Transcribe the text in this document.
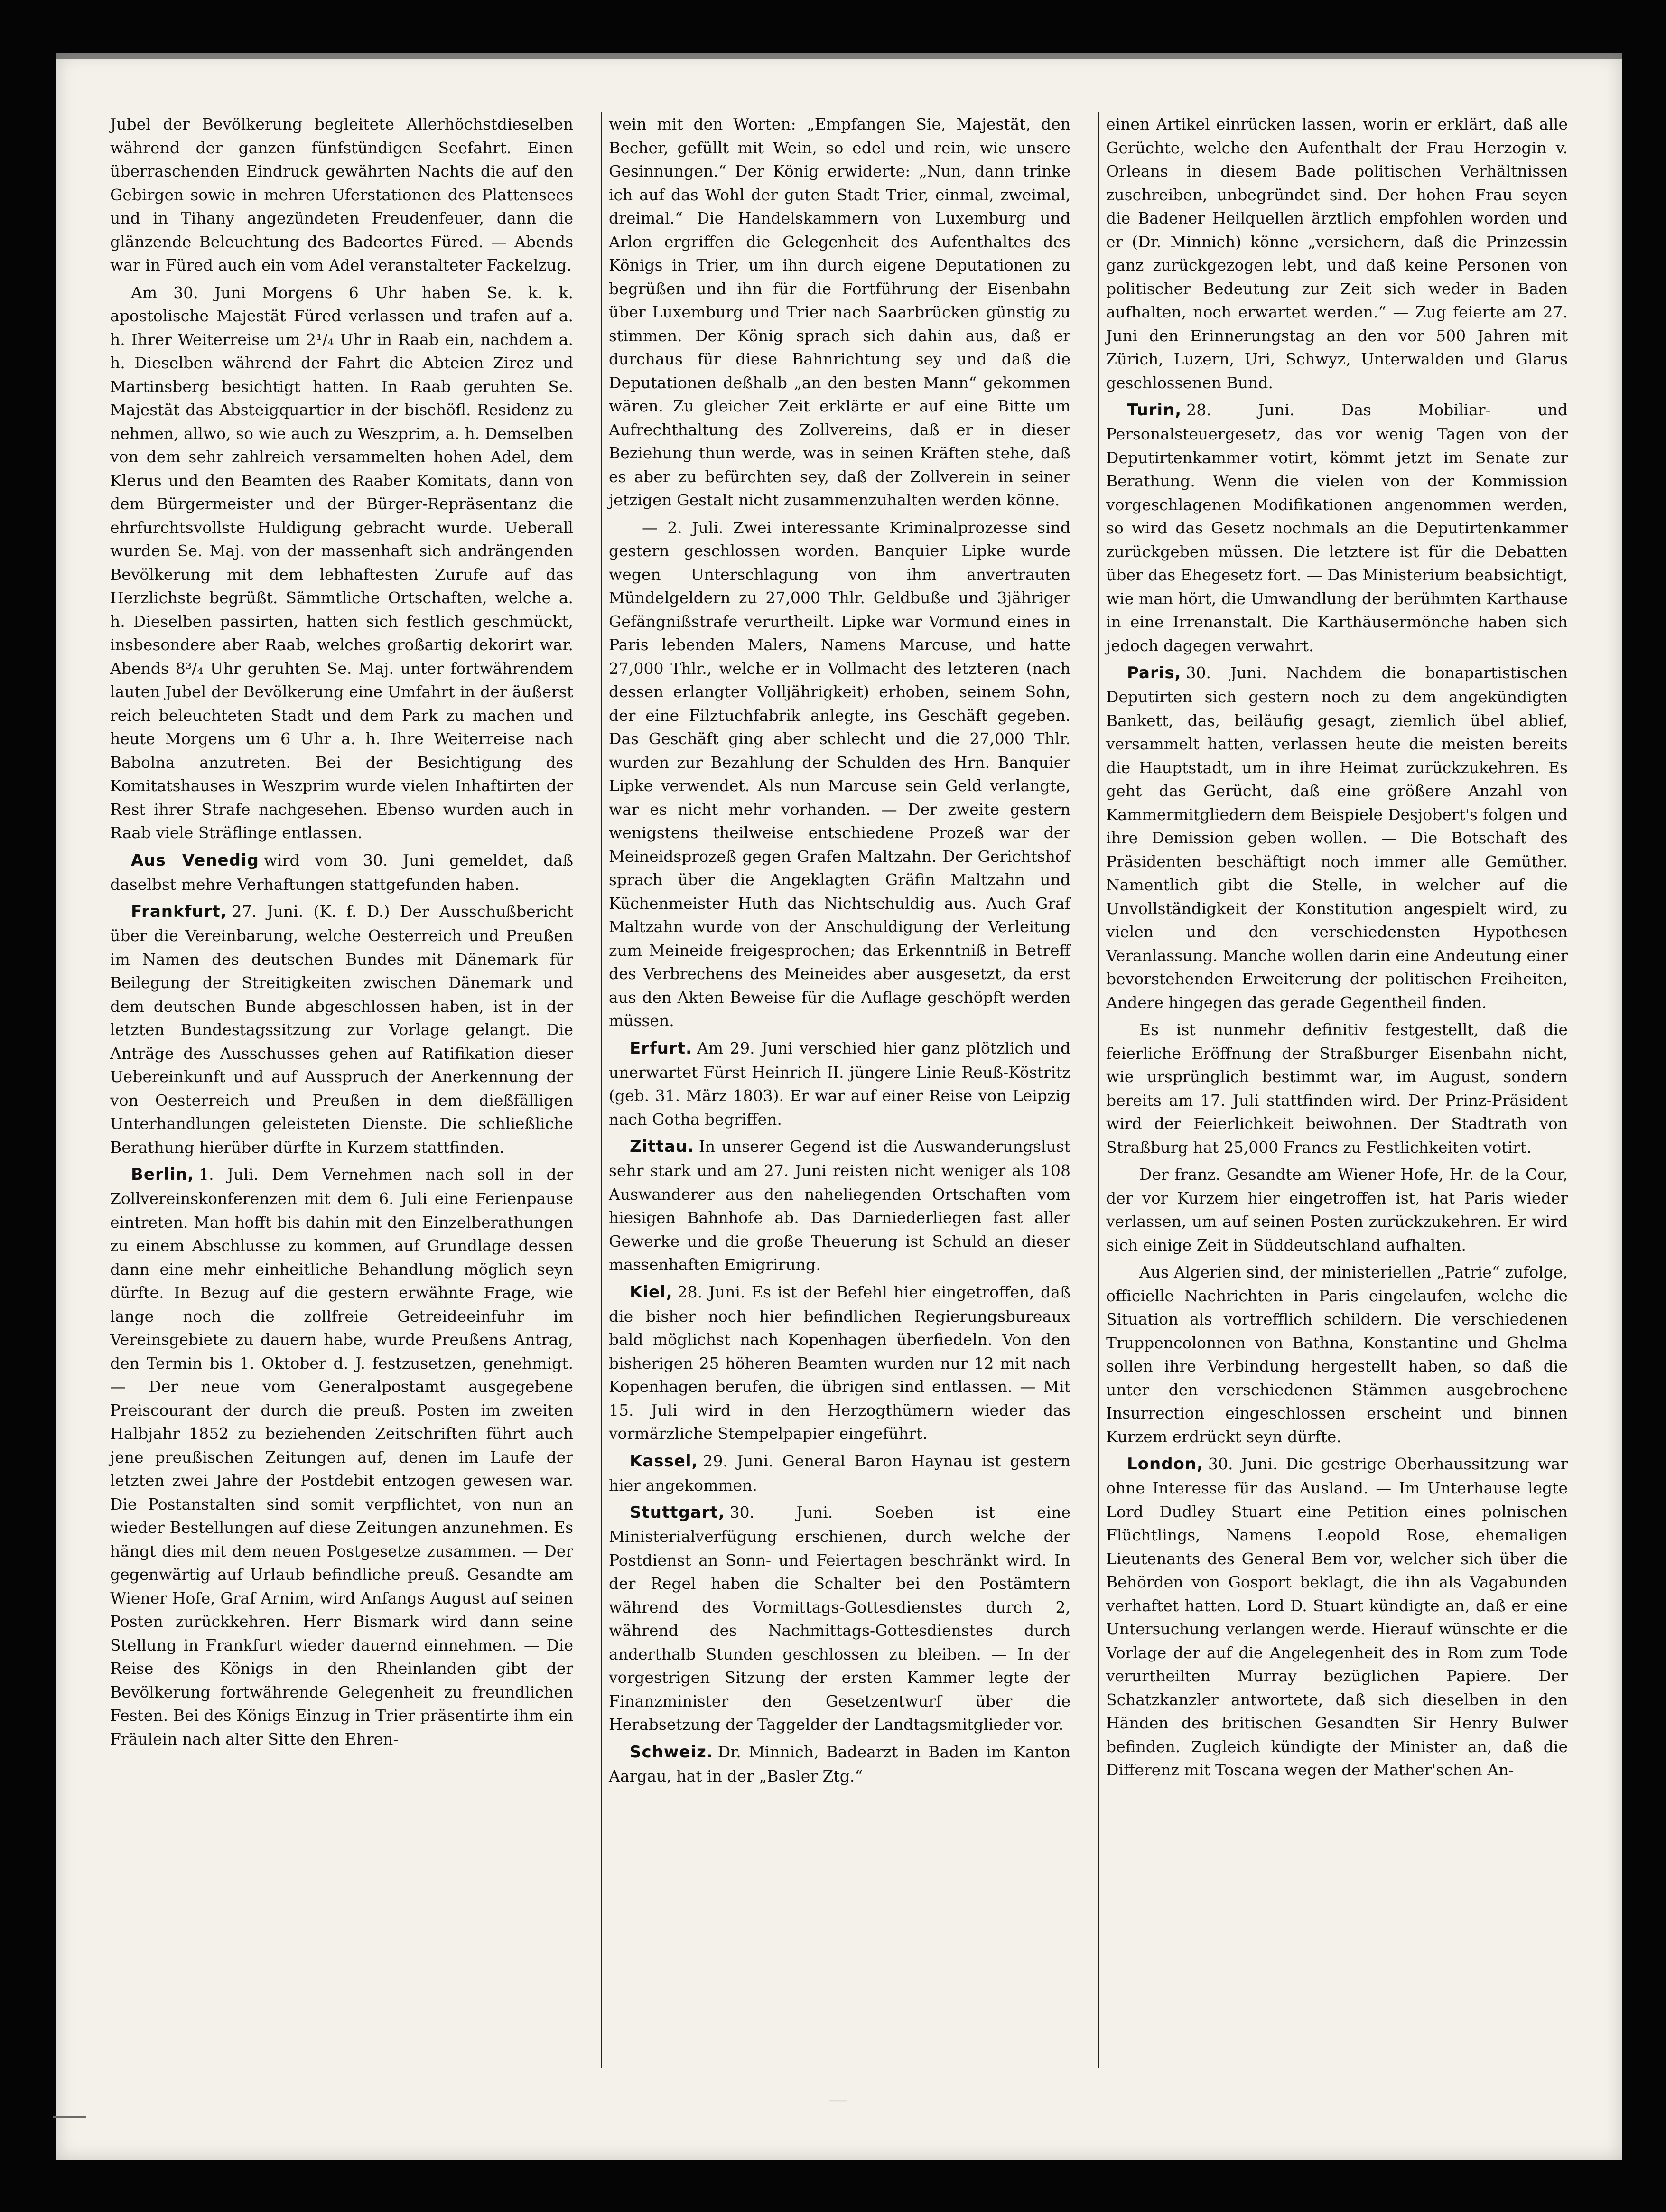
Jubel der Bevölkerung begleitete Allerhöchstdieselben während der ganzen fünfstündigen Seefahrt. Einen überraschenden Eindruck gewährten Nachts die auf den Gebirgen sowie in mehren Uferstationen des Plattensees und in Tihany angezündeten Freudenfeuer, dann die glänzende Beleuchtung des Badeortes Füred. — Abends war in Füred auch ein vom Adel veranstalteter Fackelzug.

Am 30. Juni Morgens 6 Uhr haben Se. k. k. apostolische Majestät Füred verlassen und trafen auf a. h. Ihrer Weiterreise um 2¹/₄ Uhr in Raab ein, nachdem a. h. Dieselben während der Fahrt die Abteien Zirez und Martinsberg besichtigt hatten. In Raab geruhten Se. Majestät das Absteigquartier in der bischöfl. Residenz zu nehmen, allwo, so wie auch zu Weszprim, a. h. Demselben von dem sehr zahlreich versammelten hohen Adel, dem Klerus und den Beamten des Raaber Komitats, dann von dem Bürgermeister und der Bürger-Repräsentanz die ehrfurchtsvollste Huldigung gebracht wurde. Ueberall wurden Se. Maj. von der massenhaft sich andrängenden Bevölkerung mit dem lebhaftesten Zurufe auf das Herzlichste begrüßt. Sämmtliche Ortschaften, welche a. h. Dieselben passirten, hatten sich festlich geschmückt, insbesondere aber Raab, welches großartig dekorirt war. Abends 8³/₄ Uhr geruhten Se. Maj. unter fortwährendem lauten Jubel der Bevölkerung eine Umfahrt in der äußerst reich beleuchteten Stadt und dem Park zu machen und heute Morgens um 6 Uhr a. h. Ihre Weiterreise nach Babolna anzutreten. Bei der Besichtigung des Komitatshauses in Weszprim wurde vielen Inhaftirten der Rest ihrer Strafe nachgesehen. Ebenso wurden auch in Raab viele Sträflinge entlassen.

Aus Venedig wird vom 30. Juni gemeldet, daß daselbst mehre Verhaftungen stattgefunden haben.

Frankfurt, 27. Juni. (K. f. D.) Der Ausschußbericht über die Vereinbarung, welche Oesterreich und Preußen im Namen des deutschen Bundes mit Dänemark für Beilegung der Streitigkeiten zwischen Dänemark und dem deutschen Bunde abgeschlossen haben, ist in der letzten Bundestagssitzung zur Vorlage gelangt. Die Anträge des Ausschusses gehen auf Ratifikation dieser Uebereinkunft und auf Ausspruch der Anerkennung der von Oesterreich und Preußen in dem dießfälligen Unterhandlungen geleisteten Dienste. Die schließliche Berathung hierüber dürfte in Kurzem stattfinden.

Berlin, 1. Juli. Dem Vernehmen nach soll in der Zollvereinskonferenzen mit dem 6. Juli eine Ferienpause eintreten. Man hofft bis dahin mit den Einzelberathungen zu einem Abschlusse zu kommen, auf Grundlage dessen dann eine mehr einheitliche Behandlung möglich seyn dürfte. In Bezug auf die gestern erwähnte Frage, wie lange noch die zollfreie Getreideeinfuhr im Vereinsgebiete zu dauern habe, wurde Preußens Antrag, den Termin bis 1. Oktober d. J. festzusetzen, genehmigt. — Der neue vom Generalpostamt ausgegebene Preiscourant der durch die preuß. Posten im zweiten Halbjahr 1852 zu beziehenden Zeitschriften führt auch jene preußischen Zeitungen auf, denen im Laufe der letzten zwei Jahre der Postdebit entzogen gewesen war. Die Postanstalten sind somit verpflichtet, von nun an wieder Bestellungen auf diese Zeitungen anzunehmen. Es hängt dies mit dem neuen Postgesetze zusammen. — Der gegenwärtig auf Urlaub befindliche preuß. Gesandte am Wiener Hofe, Graf Arnim, wird Anfangs August auf seinen Posten zurückkehren. Herr Bismark wird dann seine Stellung in Frankfurt wieder dauernd einnehmen. — Die Reise des Königs in den Rheinlanden gibt der Bevölkerung fortwährende Gelegenheit zu freundlichen Festen. Bei des Königs Einzug in Trier präsentirte ihm ein Fräulein nach alter Sitte den Ehren-

wein mit den Worten: „Empfangen Sie, Majestät, den Becher, gefüllt mit Wein, so edel und rein, wie unsere Gesinnungen.“ Der König erwiderte: „Nun, dann trinke ich auf das Wohl der guten Stadt Trier, einmal, zweimal, dreimal.“ Die Handelskammern von Luxemburg und Arlon ergriffen die Gelegenheit des Aufenthaltes des Königs in Trier, um ihn durch eigene Deputationen zu begrüßen und ihn für die Fortführung der Eisenbahn über Luxemburg und Trier nach Saarbrücken günstig zu stimmen. Der König sprach sich dahin aus, daß er durchaus für diese Bahnrichtung sey und daß die Deputationen deßhalb „an den besten Mann“ gekommen wären. Zu gleicher Zeit erklärte er auf eine Bitte um Aufrechthaltung des Zollvereins, daß er in dieser Beziehung thun werde, was in seinen Kräften stehe, daß es aber zu befürchten sey, daß der Zollverein in seiner jetzigen Gestalt nicht zusammenzuhalten werden könne.

— 2. Juli. Zwei interessante Kriminalprozesse sind gestern geschlossen worden. Banquier Lipke wurde wegen Unterschlagung von ihm anvertrauten Mündelgeldern zu 27,000 Thlr. Geldbuße und 3jähriger Gefängnißstrafe verurtheilt. Lipke war Vormund eines in Paris lebenden Malers, Namens Marcuse, und hatte 27,000 Thlr., welche er in Vollmacht des letzteren (nach dessen erlangter Volljährigkeit) erhoben, seinem Sohn, der eine Filztuchfabrik anlegte, ins Geschäft gegeben. Das Geschäft ging aber schlecht und die 27,000 Thlr. wurden zur Bezahlung der Schulden des Hrn. Banquier Lipke verwendet. Als nun Marcuse sein Geld verlangte, war es nicht mehr vorhanden. — Der zweite gestern wenigstens theilweise entschiedene Prozeß war der Meineidsprozeß gegen Grafen Maltzahn. Der Gerichtshof sprach über die Angeklagten Gräfin Maltzahn und Küchenmeister Huth das Nichtschuldig aus. Auch Graf Maltzahn wurde von der Anschuldigung der Verleitung zum Meineide freigesprochen; das Erkenntniß in Betreff des Verbrechens des Meineides aber ausgesetzt, da erst aus den Akten Beweise für die Auflage geschöpft werden müssen.

Erfurt. Am 29. Juni verschied hier ganz plötzlich und unerwartet Fürst Heinrich II. jüngere Linie Reuß-Köstritz (geb. 31. März 1803). Er war auf einer Reise von Leipzig nach Gotha begriffen.

Zittau. In unserer Gegend ist die Auswanderungslust sehr stark und am 27. Juni reisten nicht weniger als 108 Auswanderer aus den naheliegenden Ortschaften vom hiesigen Bahnhofe ab. Das Darniederliegen fast aller Gewerke und die große Theuerung ist Schuld an dieser massenhaften Emigrirung.

Kiel, 28. Juni. Es ist der Befehl hier eingetroffen, daß die bisher noch hier befindlichen Regierungsbureaux bald möglichst nach Kopenhagen überfiedeln. Von den bisherigen 25 höheren Beamten wurden nur 12 mit nach Kopenhagen berufen, die übrigen sind entlassen. — Mit 15. Juli wird in den Herzogthümern wieder das vormärzliche Stempelpapier eingeführt.

Kassel, 29. Juni. General Baron Haynau ist gestern hier angekommen.

Stuttgart, 30. Juni. Soeben ist eine Ministerialverfügung erschienen, durch welche der Postdienst an Sonn- und Feiertagen beschränkt wird. In der Regel haben die Schalter bei den Postämtern während des Vormittags-Gottesdienstes durch 2, während des Nachmittags-Gottesdienstes durch anderthalb Stunden geschlossen zu bleiben. — In der vorgestrigen Sitzung der ersten Kammer legte der Finanzminister den Gesetzentwurf über die Herabsetzung der Taggelder der Landtagsmitglieder vor.

Schweiz. Dr. Minnich, Badearzt in Baden im Kanton Aargau, hat in der „Basler Ztg.“

einen Artikel einrücken lassen, worin er erklärt, daß alle Gerüchte, welche den Aufenthalt der Frau Herzogin v. Orleans in diesem Bade politischen Verhältnissen zuschreiben, unbegründet sind. Der hohen Frau seyen die Badener Heilquellen ärztlich empfohlen worden und er (Dr. Minnich) könne „versichern, daß die Prinzessin ganz zurückgezogen lebt, und daß keine Personen von politischer Bedeutung zur Zeit sich weder in Baden aufhalten, noch erwartet werden.“ — Zug feierte am 27. Juni den Erinnerungstag an den vor 500 Jahren mit Zürich, Luzern, Uri, Schwyz, Unterwalden und Glarus geschlossenen Bund.

Turin, 28. Juni. Das Mobiliar- und Personalsteuergesetz, das vor wenig Tagen von der Deputirtenkammer votirt, kömmt jetzt im Senate zur Berathung. Wenn die vielen von der Kommission vorgeschlagenen Modifikationen angenommen werden, so wird das Gesetz nochmals an die Deputirtenkammer zurückgeben müssen. Die letztere ist für die Debatten über das Ehegesetz fort. — Das Ministerium beabsichtigt, wie man hört, die Umwandlung der berühmten Karthause in eine Irrenanstalt. Die Karthäusermönche haben sich jedoch dagegen verwahrt.

Paris, 30. Juni. Nachdem die bonapartistischen Deputirten sich gestern noch zu dem angekündigten Bankett, das, beiläufig gesagt, ziemlich übel ablief, versammelt hatten, verlassen heute die meisten bereits die Hauptstadt, um in ihre Heimat zurückzukehren. Es geht das Gerücht, daß eine größere Anzahl von Kammermitgliedern dem Beispiele Desjobert's folgen und ihre Demission geben wollen. — Die Botschaft des Präsidenten beschäftigt noch immer alle Gemüther. Namentlich gibt die Stelle, in welcher auf die Unvollständigkeit der Konstitution angespielt wird, zu vielen und den verschiedensten Hypothesen Veranlassung. Manche wollen darin eine Andeutung einer bevorstehenden Erweiterung der politischen Freiheiten, Andere hingegen das gerade Gegentheil finden.

Es ist nunmehr definitiv festgestellt, daß die feierliche Eröffnung der Straßburger Eisenbahn nicht, wie ursprünglich bestimmt war, im August, sondern bereits am 17. Juli stattfinden wird. Der Prinz-Präsident wird der Feierlichkeit beiwohnen. Der Stadtrath von Straßburg hat 25,000 Francs zu Festlichkeiten votirt.

Der franz. Gesandte am Wiener Hofe, Hr. de la Cour, der vor Kurzem hier eingetroffen ist, hat Paris wieder verlassen, um auf seinen Posten zurückzukehren. Er wird sich einige Zeit in Süddeutschland aufhalten.

Aus Algerien sind, der ministeriellen „Patrie“ zufolge, officielle Nachrichten in Paris eingelaufen, welche die Situation als vortrefflich schildern. Die verschiedenen Truppencolonnen von Bathna, Konstantine und Ghelma sollen ihre Verbindung hergestellt haben, so daß die unter den verschiedenen Stämmen ausgebrochene Insurrection eingeschlossen erscheint und binnen Kurzem erdrückt seyn dürfte.

London, 30. Juni. Die gestrige Oberhaussitzung war ohne Interesse für das Ausland. — Im Unterhause legte Lord Dudley Stuart eine Petition eines polnischen Flüchtlings, Namens Leopold Rose, ehemaligen Lieutenants des General Bem vor, welcher sich über die Behörden von Gosport beklagt, die ihn als Vagabunden verhaftet hatten. Lord D. Stuart kündigte an, daß er eine Untersuchung verlangen werde. Hierauf wünschte er die Vorlage der auf die Angelegenheit des in Rom zum Tode verurtheilten Murray bezüglichen Papiere. Der Schatzkanzler antwortete, daß sich dieselben in den Händen des britischen Gesandten Sir Henry Bulwer befinden. Zugleich kündigte der Minister an, daß die Differenz mit Toscana wegen der Mather'schen An-

—
